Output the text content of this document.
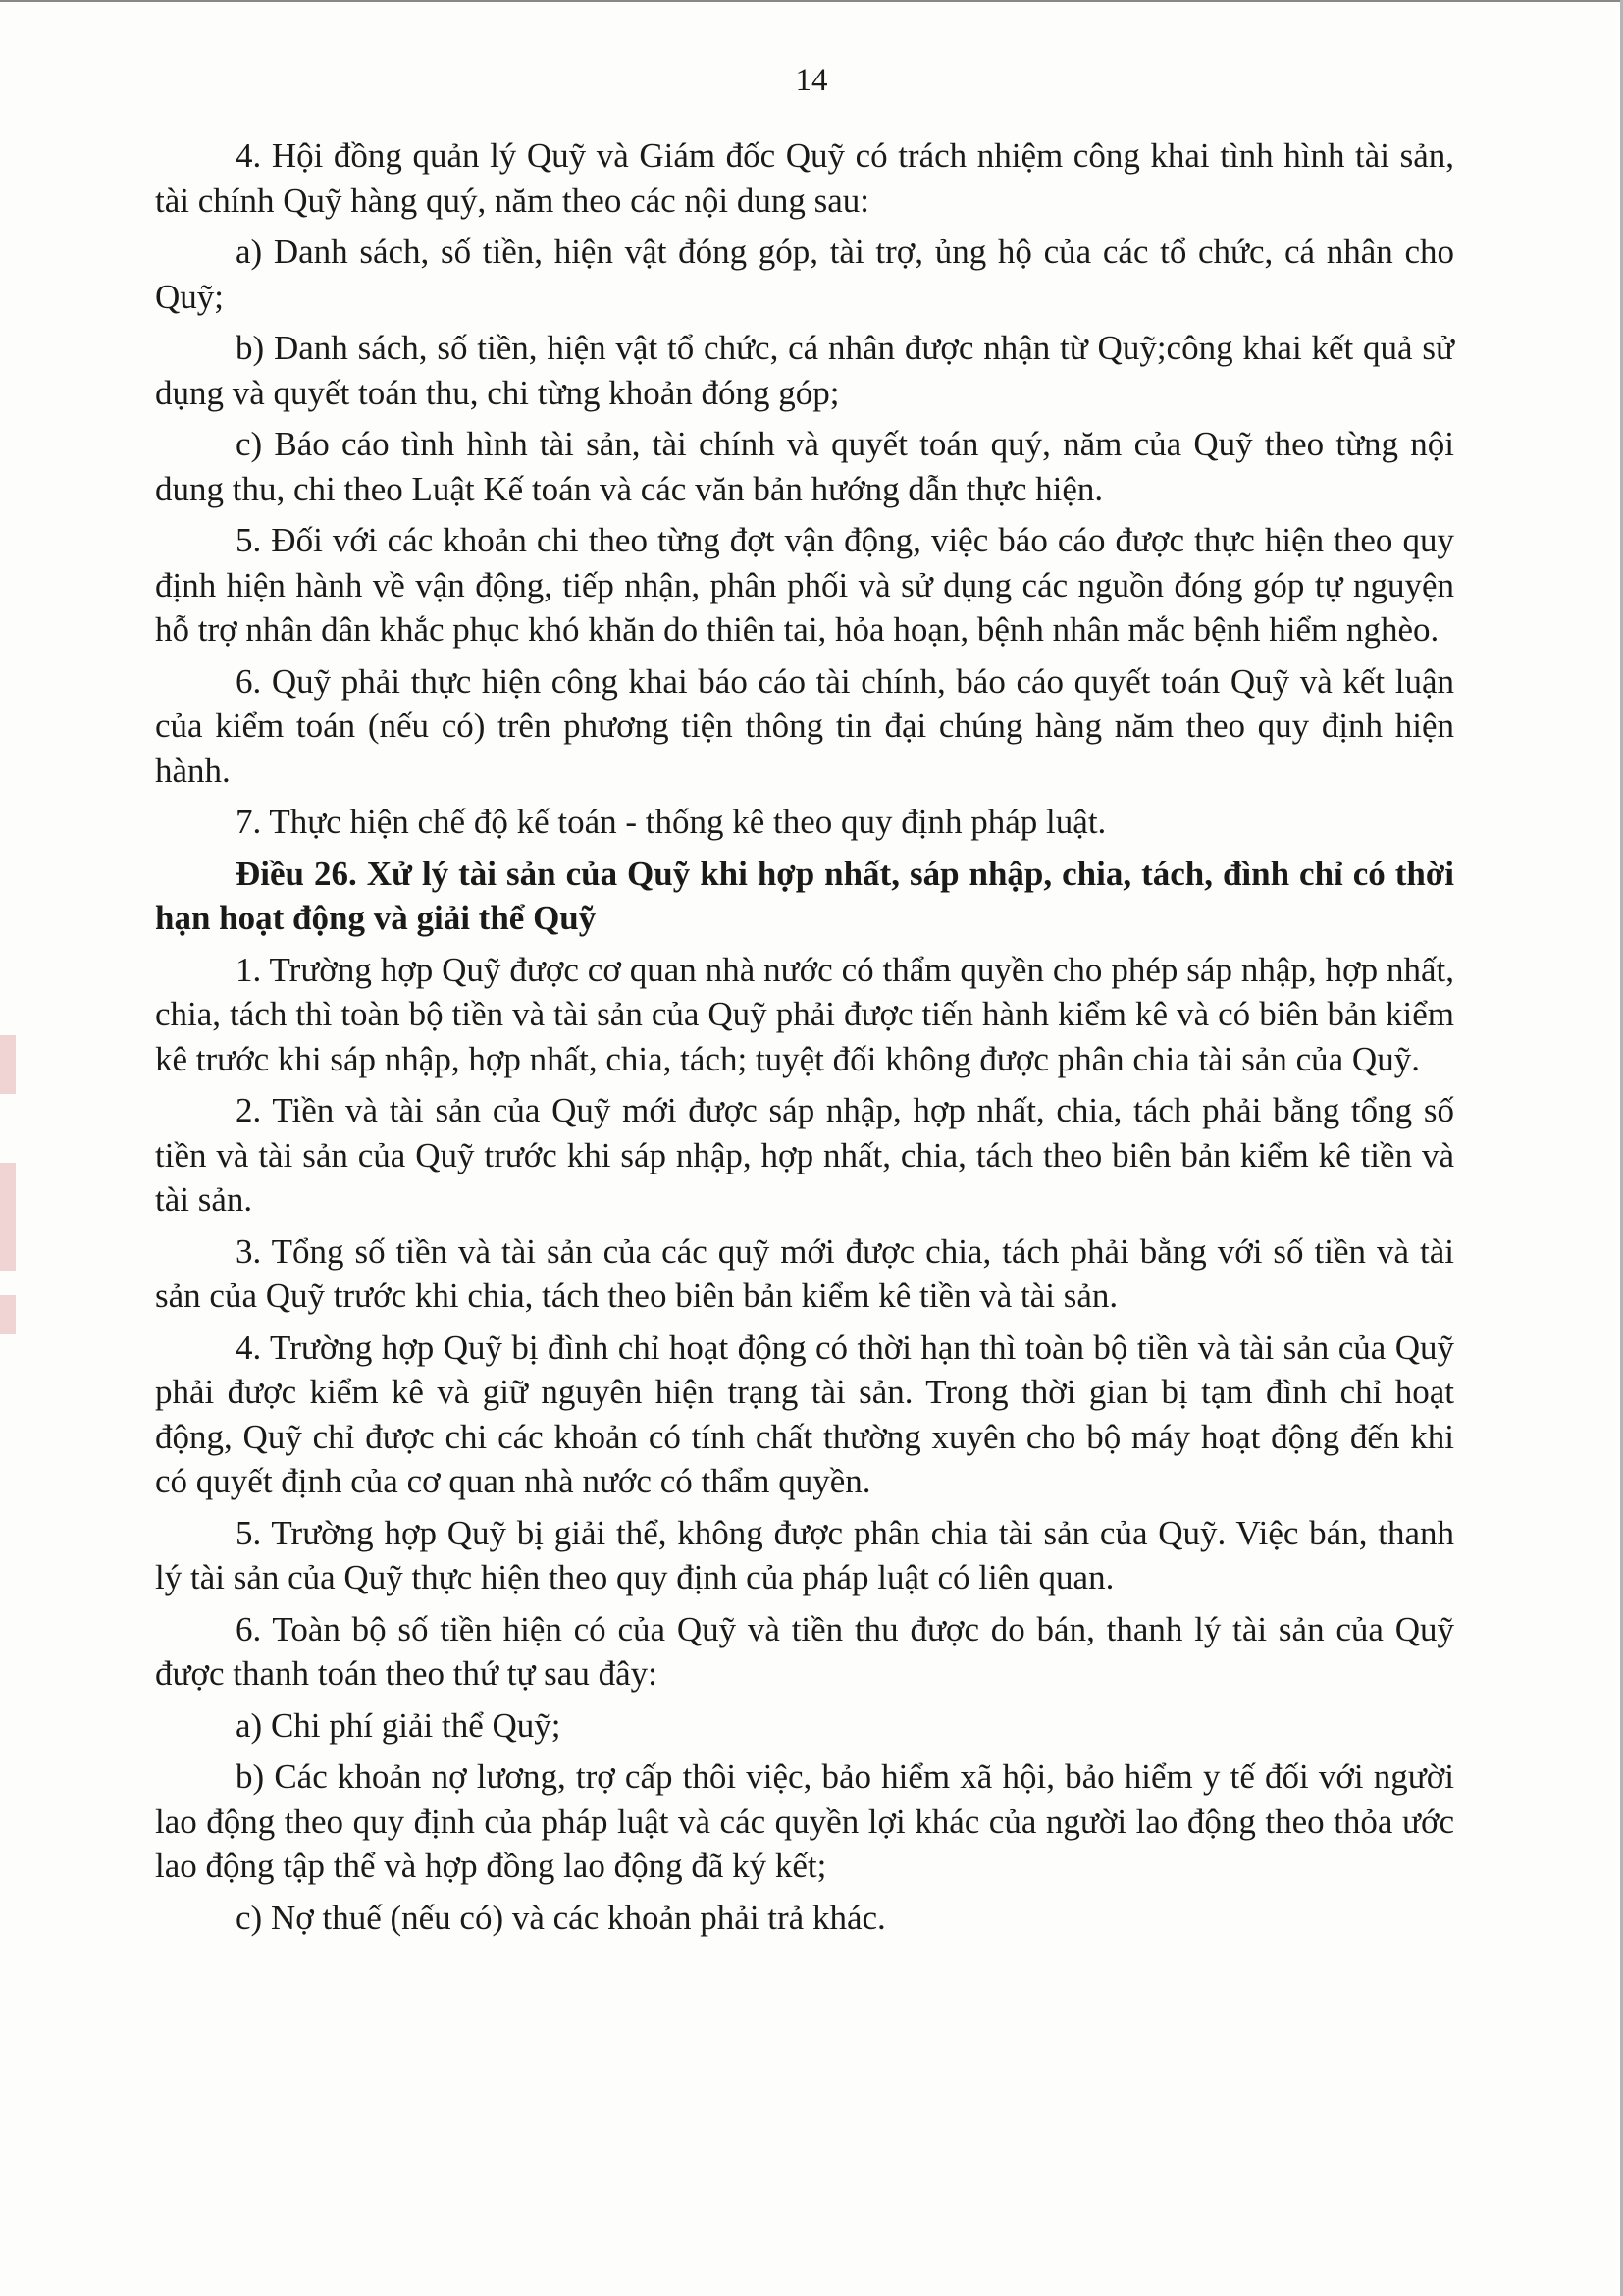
14

4. Hội đồng quản lý Quỹ và Giám đốc Quỹ có trách nhiệm công khai tình hình tài sản, tài chính Quỹ hàng quý, năm theo các nội dung sau:

a) Danh sách, số tiền, hiện vật đóng góp, tài trợ, ủng hộ của các tổ chức, cá nhân cho Quỹ;

b) Danh sách, số tiền, hiện vật tổ chức, cá nhân được nhận từ Quỹ;công khai kết quả sử dụng và quyết toán thu, chi từng khoản đóng góp;

c) Báo cáo tình hình tài sản, tài chính và quyết toán quý, năm của Quỹ theo từng nội dung thu, chi theo Luật Kế toán và các văn bản hướng dẫn thực hiện.

5. Đối với các khoản chi theo từng đợt vận động, việc báo cáo được thực hiện theo quy định hiện hành về vận động, tiếp nhận, phân phối và sử dụng các nguồn đóng góp tự nguyện hỗ trợ nhân dân khắc phục khó khăn do thiên tai, hỏa hoạn, bệnh nhân mắc bệnh hiểm nghèo.

6. Quỹ phải thực hiện công khai báo cáo tài chính, báo cáo quyết toán Quỹ và kết luận của kiểm toán (nếu có) trên phương tiện thông tin đại chúng hàng năm theo quy định hiện hành.

7. Thực hiện chế độ kế toán - thống kê theo quy định pháp luật.

Điều 26. Xử lý tài sản của Quỹ khi hợp nhất, sáp nhập, chia, tách, đình chỉ có thời hạn hoạt động và giải thể Quỹ

1. Trường hợp Quỹ được cơ quan nhà nước có thẩm quyền cho phép sáp nhập, hợp nhất, chia, tách thì toàn bộ tiền và tài sản của Quỹ phải được tiến hành kiểm kê và có biên bản kiểm kê trước khi sáp nhập, hợp nhất, chia, tách; tuyệt đối không được phân chia tài sản của Quỹ.

2. Tiền và tài sản của Quỹ mới được sáp nhập, hợp nhất, chia, tách phải bằng tổng số tiền và tài sản của Quỹ trước khi sáp nhập, hợp nhất, chia, tách theo biên bản kiểm kê tiền và tài sản.

3. Tổng số tiền và tài sản của các quỹ mới được chia, tách phải bằng với số tiền và tài sản của Quỹ trước khi chia, tách theo biên bản kiểm kê tiền và tài sản.

4. Trường hợp Quỹ bị đình chỉ hoạt động có thời hạn thì toàn bộ tiền và tài sản của Quỹ phải được kiểm kê và giữ nguyên hiện trạng tài sản. Trong thời gian bị tạm đình chỉ hoạt động, Quỹ chỉ được chi các khoản có tính chất thường xuyên cho bộ máy hoạt động đến khi có quyết định của cơ quan nhà nước có thẩm quyền.

5. Trường hợp Quỹ bị giải thể, không được phân chia tài sản của Quỹ. Việc bán, thanh lý tài sản của Quỹ thực hiện theo quy định của pháp luật có liên quan.

6. Toàn bộ số tiền hiện có của Quỹ và tiền thu được do bán, thanh lý tài sản của Quỹ được thanh toán theo thứ tự sau đây:

a) Chi phí giải thể Quỹ;

b) Các khoản nợ lương, trợ cấp thôi việc, bảo hiểm xã hội, bảo hiểm y tế đối với người lao động theo quy định của pháp luật và các quyền lợi khác của người lao động theo thỏa ước lao động tập thể và hợp đồng lao động đã ký kết;

c) Nợ thuế (nếu có) và các khoản phải trả khác.
